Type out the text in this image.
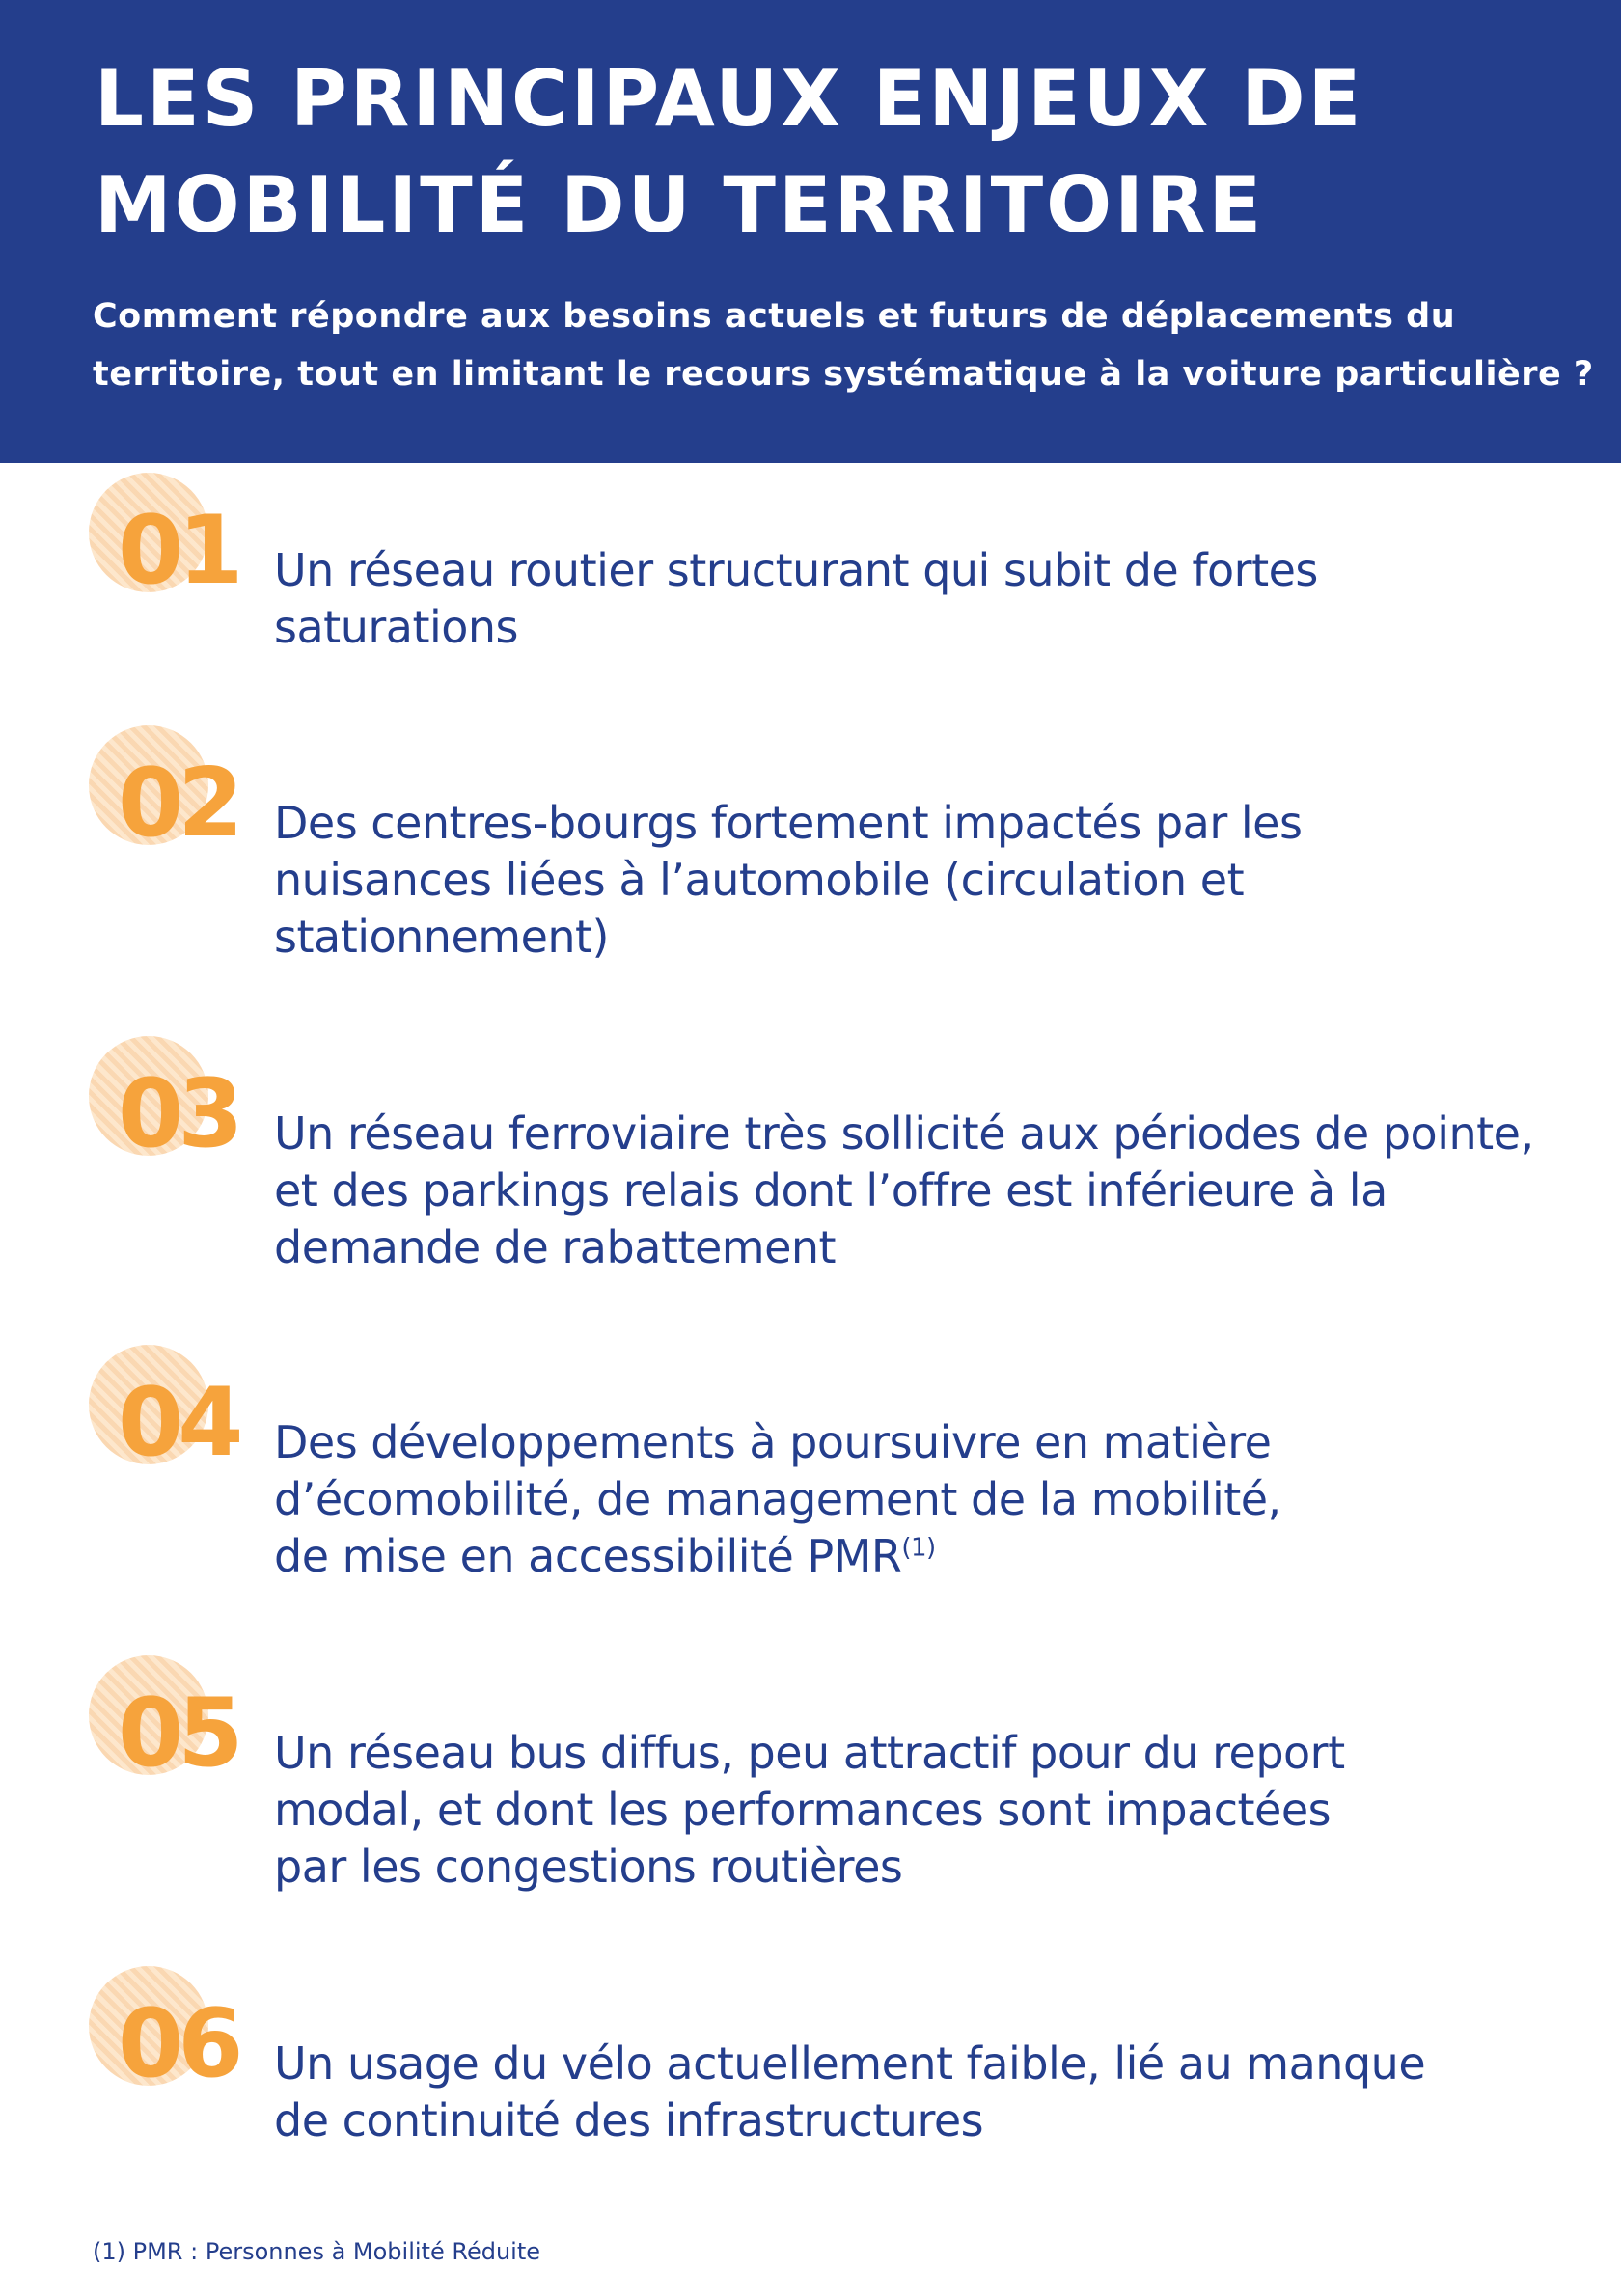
LES PRINCIPAUX ENJEUX DE MOBILITÉ DU TERRITOIRE

Comment répondre aux besoins actuels et futurs de déplacements du territoire, tout en limitant le recours systématique à la voiture particulière ?

01 Un réseau routier structurant qui subit de fortes saturations

02 Des centres-bourgs fortement impactés par les nuisances liées à l’automobile (circulation et stationnement)

03 Un réseau ferroviaire très sollicité aux périodes de pointe, et des parkings relais dont l’offre est inférieure à la demande de rabattement

04 Des développements à poursuivre en matière d’écomobilité, de management de la mobilité, de mise en accessibilité PMR$^{(1)}$

05 Un réseau bus diffus, peu attractif pour du report modal, et dont les performances sont impactées par les congestions routières

06 Un usage du vélo actuellement faible, lié au manque de continuité des infrastructures

(1) PMR : Personnes à Mobilité Réduite
